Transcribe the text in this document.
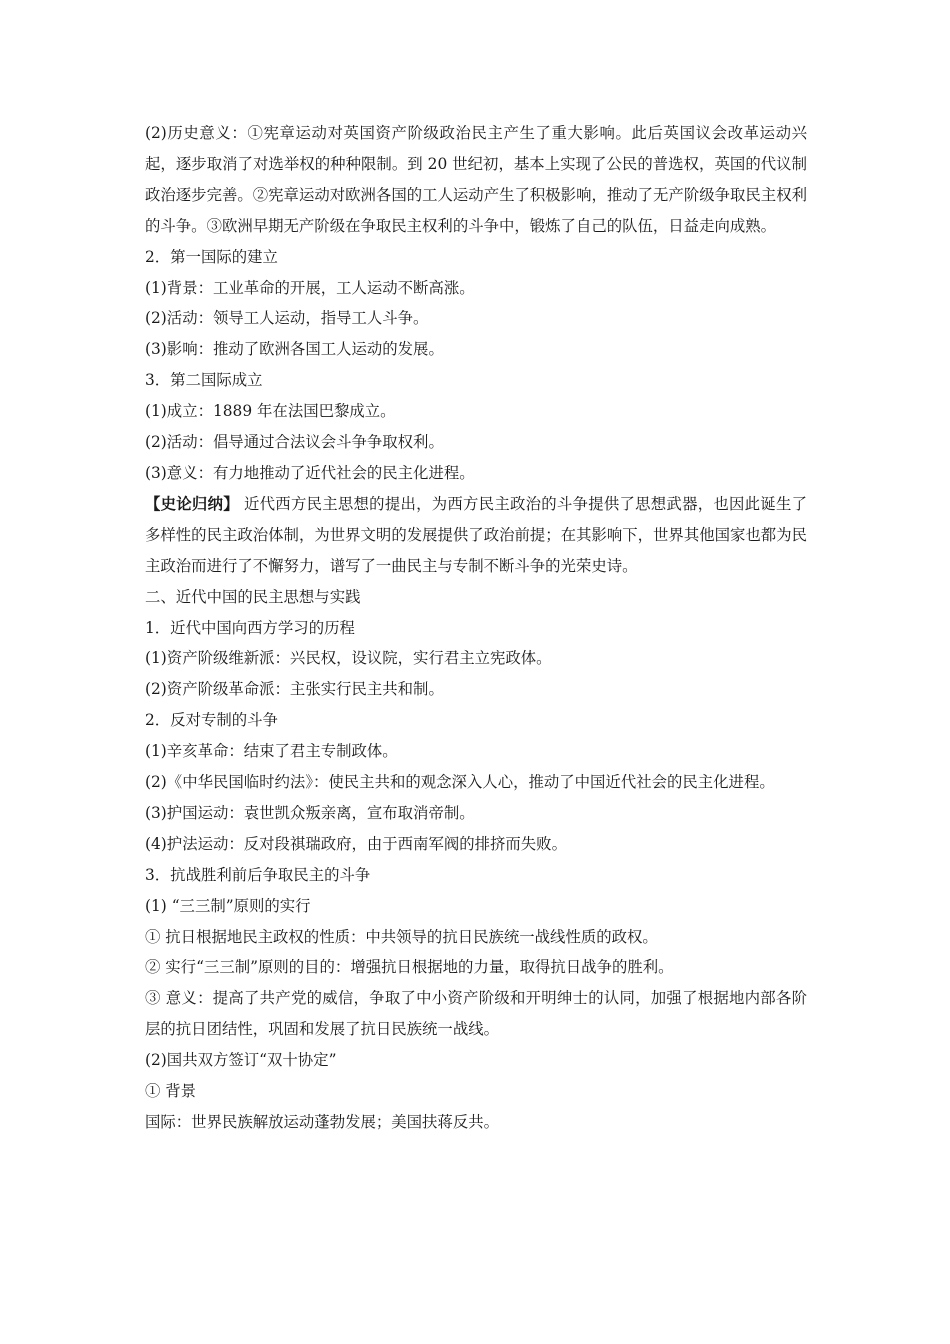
(2)历史意义：①宪章运动对英国资产阶级政治民主产生了重大影响。此后英国议会改革运动兴起，逐步取消了对选举权的种种限制。到 20 世纪初，基本上实现了公民的普选权，英国的代议制政治逐步完善。②宪章运动对欧洲各国的工人运动产生了积极影响，推动了无产阶级争取民主权利的斗争。③欧洲早期无产阶级在争取民主权利的斗争中，锻炼了自己的队伍，日益走向成熟。

2．第一国际的建立

(1)背景：工业革命的开展，工人运动不断高涨。

(2)活动：领导工人运动，指导工人斗争。

(3)影响：推动了欧洲各国工人运动的发展。

3．第二国际成立

(1)成立：1889 年在法国巴黎成立。

(2)活动：倡导通过合法议会斗争争取权利。

(3)意义：有力地推动了近代社会的民主化进程。

【史论归纳】 近代西方民主思想的提出，为西方民主政治的斗争提供了思想武器，也因此诞生了多样性的民主政治体制，为世界文明的发展提供了政治前提；在其影响下，世界其他国家也都为民主政治而进行了不懈努力，谱写了一曲民主与专制不断斗争的光荣史诗。

二、近代中国的民主思想与实践

1．近代中国向西方学习的历程

(1)资产阶级维新派：兴民权，设议院，实行君主立宪政体。

(2)资产阶级革命派：主张实行民主共和制。

2．反对专制的斗争

(1)辛亥革命：结束了君主专制政体。

(2)《中华民国临时约法》：使民主共和的观念深入人心，推动了中国近代社会的民主化进程。

(3)护国运动：袁世凯众叛亲离，宣布取消帝制。

(4)护法运动：反对段祺瑞政府，由于西南军阀的排挤而失败。

3．抗战胜利前后争取民主的斗争

(1) “三三制”原则的实行

① 抗日根据地民主政权的性质：中共领导的抗日民族统一战线性质的政权。

② 实行“三三制”原则的目的：增强抗日根据地的力量，取得抗日战争的胜利。

③ 意义：提高了共产党的威信，争取了中小资产阶级和开明绅士的认同，加强了根据地内部各阶层的抗日团结性，巩固和发展了抗日民族统一战线。

(2)国共双方签订“双十协定”

① 背景

国际：世界民族解放运动蓬勃发展；美国扶蒋反共。
